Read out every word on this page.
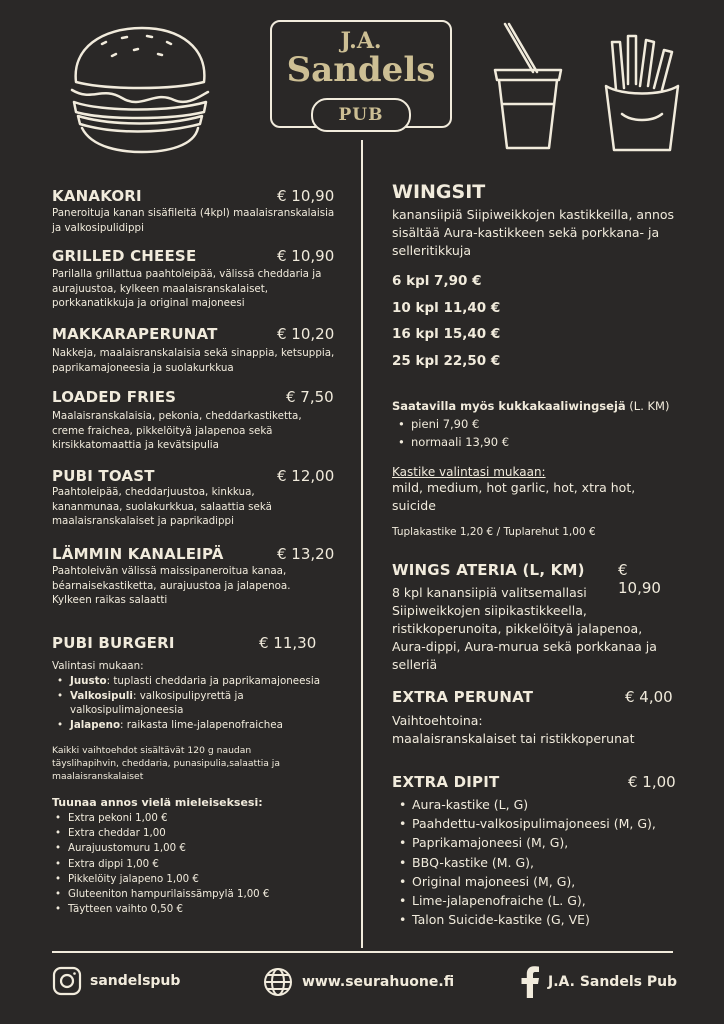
J.A.
Sandels
PUB
KANAKORI	€ 10,90
Paneroituja kanan sisäfileitä (4kpl) maalaisranskalaisia ja valkosipulidippi
GRILLED CHEESE	€ 10,90
Parilalla grillattua paahtoleipää, välissä cheddaria ja aurajuustoa, kylkeen maalaisranskalaiset, porkkanatikkuja ja original majoneesi
MAKKARAPERUNAT	€ 10,20
Nakkeja, maalaisranskalaisia sekä sinappia, ketsuppia, paprikamajoneesia ja suolakurkkua
LOADED FRIES	€ 7,50
Maalaisranskalaisia, pekonia, cheddarkastiketta, creme fraichea, pikkelöityä jalapenoa sekä kirsikkatomaattia ja kevätsipulia
PUBI TOAST	€ 12,00
Paahtoleipää, cheddarjuustoa, kinkkua, kananmunaa, suolakurkkua, salaattia sekä maalaisranskalaiset ja paprikadippi
LÄMMIN KANALEIPÄ	€ 13,20
Paahtoleivän välissä maissipaneroitua kanaa, béarnaisekastiketta, aurajuustoa ja jalapenoa. Kylkeen raikas salaatti
PUBI BURGERI	€ 11,30
Valintasi mukaan:
• Juusto: tuplasti cheddaria ja paprikamajoneesia
• Valkosipuli: valkosipulipyrettä ja valkosipulimajoneesia
• Jalapeno: raikasta lime-jalapenofraichea
Kaikki vaihtoehdot sisältävät 120 g naudan täyslihapihvin, cheddaria, punasipulia,salaattia ja maalaisranskalaiset
Tuunaa annos vielä mieleiseksesi:
• Extra pekoni 1,00 €
• Extra cheddar 1,00
• Aurajuustomuru 1,00 €
• Extra dippi 1,00 €
• Pikkelöity jalapeno 1,00 €
• Gluteeniton hampurilaissämpylä 1,00 €
• Täytteen vaihto 0,50 €
WINGSIT
kanansiipiä Siipiweikkojen kastikkeilla, annos sisältää Aura-kastikkeen sekä porkkana- ja selleritikkuja
6 kpl 7,90 €
10 kpl 11,40 €
16 kpl 15,40 €
25 kpl 22,50 €
Saatavilla myös kukkakaaliwingsejä (L. KM)
• pieni 7,90 €
• normaali 13,90 €
Kastike valintasi mukaan:
mild, medium, hot garlic, hot, xtra hot, suicide
Tuplakastike 1,20 € / Tuplarehut 1,00 €
WINGS ATERIA (L, KM) € 10,90
8 kpl kanansiipiä valitsemallasi Siipiweikkojen siipikastikkeella, ristikkoperunoita, pikkelöityä jalapenoa, Aura-dippi, Aura-murua sekä porkkanaa ja selleriä
EXTRA PERUNAT	€ 4,00
Vaihtoehtoina:
maalaisranskalaiset tai ristikkoperunat
EXTRA DIPIT	€ 1,00
• Aura-kastike (L, G)
• Paahdettu-valkosipulimajoneesi (M, G),
• Paprikamajoneesi (M, G),
• BBQ-kastike (M. G),
• Original majoneesi (M, G),
• Lime-jalapenofraiche (L. G),
• Talon Suicide-kastike (G, VE)
sandelspub	www.seurahuone.fi	J.A. Sandels Pub
